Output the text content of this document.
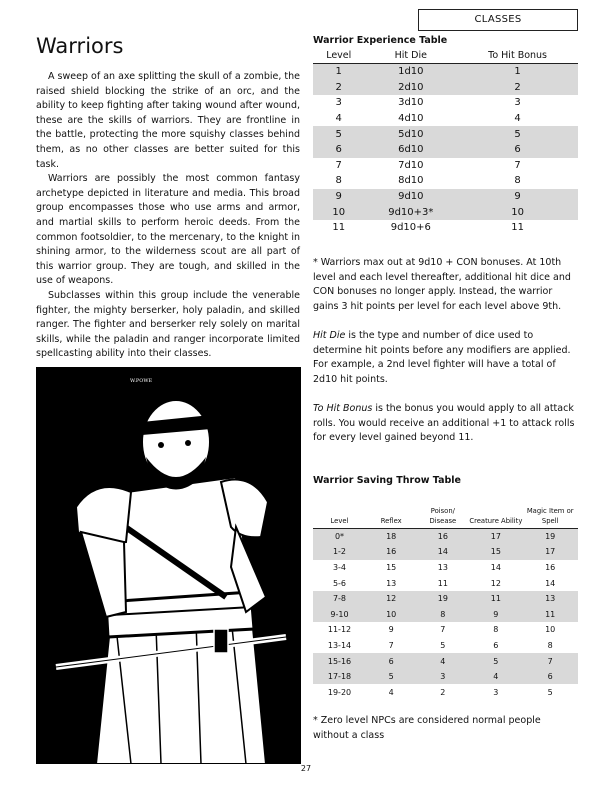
CLASSES
Warriors

A sweep of an axe splitting the skull of a zombie, the raised shield blocking the strike of an orc, and the ability to keep fighting after taking wound after wound, these are the skills of warriors. They are frontline in the battle, protecting the more squishy classes behind them, as no other classes are better suited for this task.

Warriors are possibly the most common fantasy archetype depicted in literature and media. This broad group encompasses those who use arms and armor, and martial skills to perform heroic deeds. From the common footsoldier, to the mercenary, to the knight in shining armor, to the wilderness scout are all part of this warrior group. They are tough, and skilled in the use of weapons.

Subclasses within this group include the venerable fighter, the mighty berserker, holy paladin, and skilled ranger. The fighter and berserker rely solely on marital skills, while the paladin and ranger incorporate limited spellcasting ability into their classes.

W.POWE
Warrior Experience Table
Level	Hit Die	To Hit Bonus
1	1d10	1
2	2d10	2
3	3d10	3
4	4d10	4
5	5d10	5
6	6d10	6
7	7d10	7
8	8d10	8
9	9d10	9
10	9d10+3*	10
11	9d10+6	11

* Warriors max out at 9d10 + CON bonuses. At 10th level and each level thereafter, additional hit dice and CON bonuses no longer apply. Instead, the warrior gains 3 hit points per level for each level above 9th.

Hit Die is the type and number of dice used to determine hit points before any modifiers are applied. For example, a 2nd level fighter will have a total of 2d10 hit points.

To Hit Bonus is the bonus you would apply to all attack rolls. You would receive an additional +1 to attack rolls for every level gained beyond 11.

Warrior Saving Throw Table
Level	Reflex	Poison/ Disease	Creature Ability	Magic Item or Spell
0*	18	16	17	19
1-2	16	14	15	17
3-4	15	13	14	16
5-6	13	11	12	14
7-8	12	19	11	13
9-10	10	8	9	11
11-12	9	7	8	10
13-14	7	5	6	8
15-16	6	4	5	7
17-18	5	3	4	6
19-20	4	2	3	5

* Zero level NPCs are considered normal people without a class

27
